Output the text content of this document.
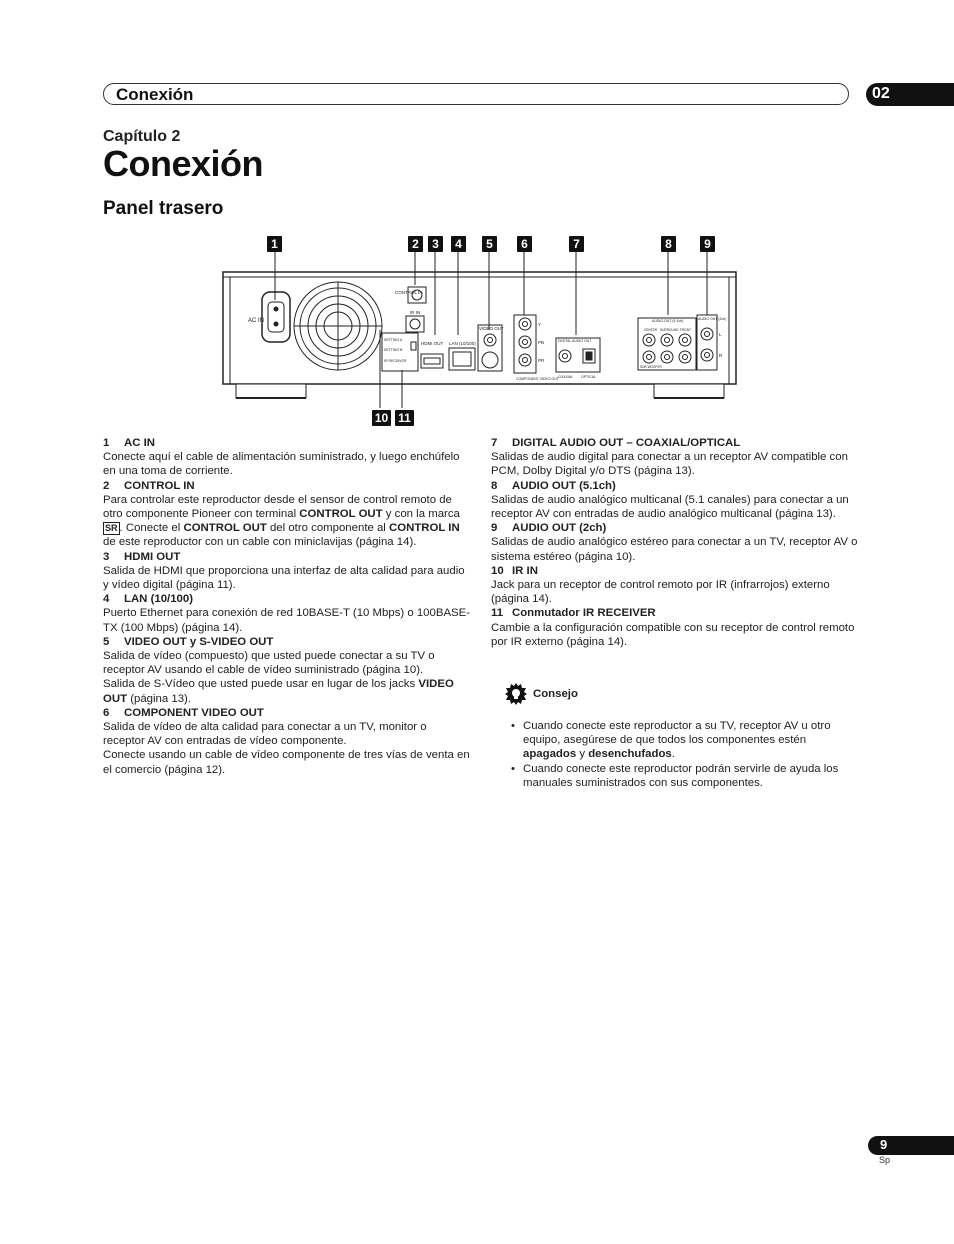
Conexión	02
Capítulo 2
Conexión
Panel trasero
1	2	3	4	5	6	7	8	9
10 11
AC IN
CONTROL IN
IR IN
SETTING A
SETTING B
IR RECEIVER
HDMI OUT LAN (10/100)
VIDEO OUT
Y
PB
PR
COMPONENT VIDEO OUT
DIGITAL AUDIO OUT
COAXIAL OPTICAL
AUDIO OUT (5.1ch)
CENTER SURROUND FRONT
SUB WOOFER
AUDIO OUT (2ch)
L
R

1 AC IN

Conecte aquí el cable de alimentación suministrado, y luego enchúfelo en una toma de corriente.

2 CONTROL IN

Para controlar este reproductor desde el sensor de control remoto de otro componente Pioneer con terminal CONTROL OUT y con la marca SR . Conecte el CONTROL OUT del otro componente al CONTROL IN de este reproductor con un cable con miniclavijas (página 14).

3 HDMI OUT

Salida de HDMI que proporciona una interfaz de alta calidad para audio y vídeo digital (página 11).

4 LAN (10/100)

Puerto Ethernet para conexión de red 10BASE-T (10 Mbps) o 100BASE-TX (100 Mbps) (página 14).

5 VIDEO OUT y S-VIDEO OUT

Salida de vídeo (compuesto) que usted puede conectar a su TV o receptor AV usando el cable de vídeo suministrado (página 10).

Salida de S-Vídeo que usted puede usar en lugar de los jacks VIDEO OUT (página 13).

6 COMPONENT VIDEO OUT

Salida de vídeo de alta calidad para conectar a un TV, monitor o receptor AV con entradas de vídeo componente.

Conecte usando un cable de vídeo componente de tres vías de venta en el comercio (página 12).

7 DIGITAL AUDIO OUT – COAXIAL/OPTICAL

Salidas de audio digital para conectar a un receptor AV compatible con PCM, Dolby Digital y/o DTS (página 13).

8 AUDIO OUT (5.1ch)

Salidas de audio analógico multicanal (5.1 canales) para conectar a un receptor AV con entradas de audio analógico multicanal (página 13).

9 AUDIO OUT (2ch)

Salidas de audio analógico estéreo para conectar a un TV, receptor AV o sistema estéreo (página 10).

10 IR IN

Jack para un receptor de control remoto por IR (infrarrojos) externo (página 14).

11 Conmutador IR RECEIVER

Cambie a la configuración compatible con su receptor de control remoto por IR externo (página 14).

Consejo
• Cuando conecte este reproductor a su TV, receptor AV u otro equipo, asegúrese de que todos los componentes estén apagados y desenchufados.
• Cuando conecte este reproductor podrán servirle de ayuda los manuales suministrados con sus componentes.
9
Sp
